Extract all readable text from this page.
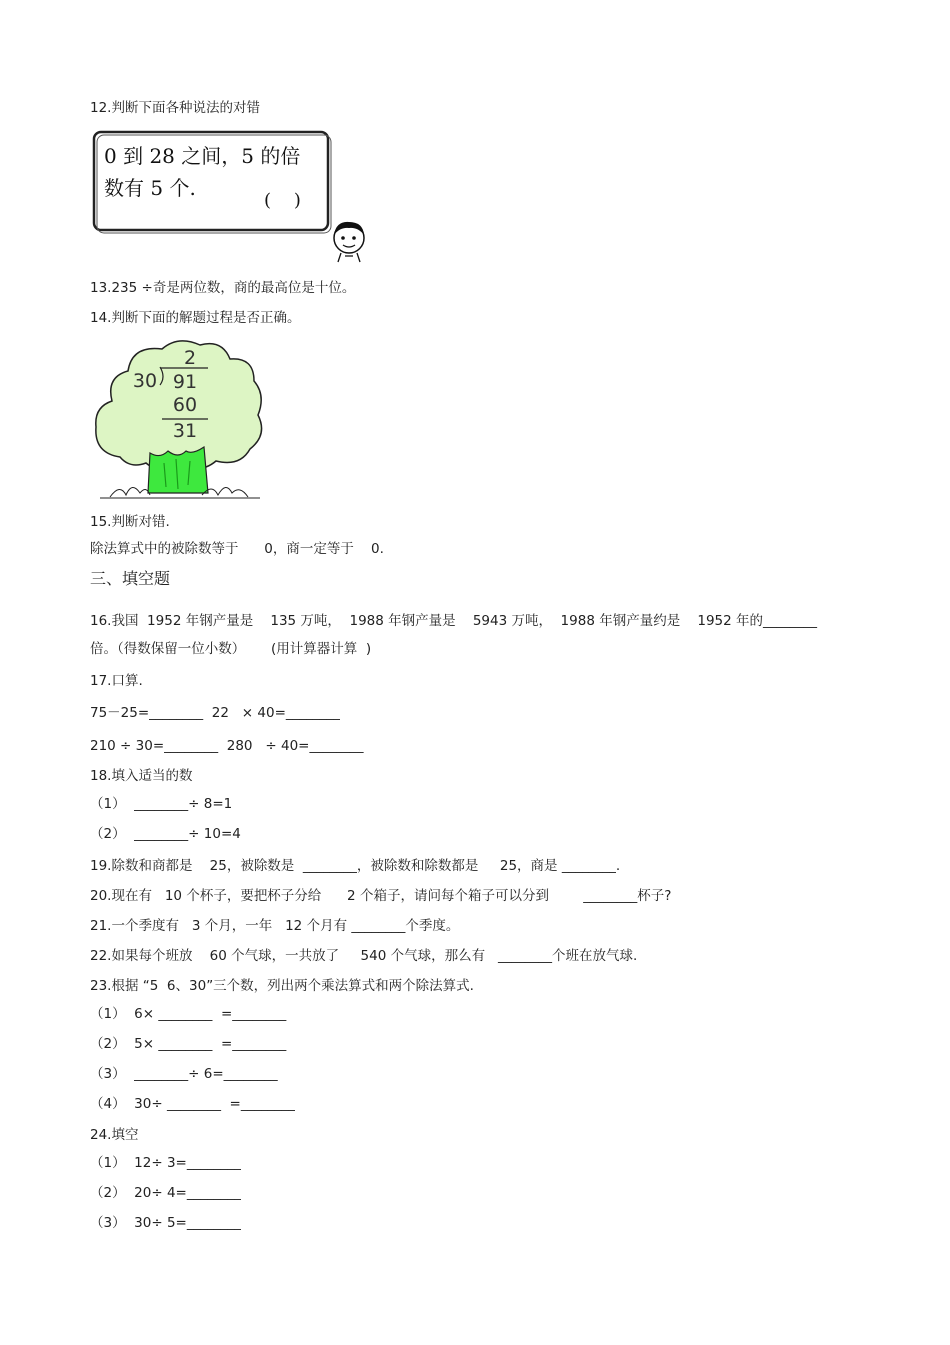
12.判断下面各种说法的对错
0 到 28 之间，5 的倍
数有 5 个.
(    )
13.235 ÷奇是两位数，商的最高位是十位。
14.判断下面的解题过程是否正确。
2
30 91
60
31
15.判断对错.
除法算式中的被除数等于      0，商一定等于    0.
三、填空题
16.我国  1952 年钢产量是    135 万吨，  1988 年钢产量是    5943 万吨，  1988 年钢产量约是    1952 年的________
倍。（得数保留一位小数）      (用计算器计算  )
17.口算.
75－25=________  22   × 40=________
210 ÷ 30=________  280   ÷ 40=________
18.填入适当的数
（1）  ________÷ 8=1
（2）  ________÷ 10=4
19.除数和商都是    25，被除数是  ________，被除数和除数都是     25，商是 ________.
20.现在有   10 个杯子，要把杯子分给      2 个箱子，请问每个箱子可以分到        ________杯子?
21.一个季度有   3 个月，一年   12 个月有 ________个季度。
22.如果每个班放    60 个气球，一共放了     540 个气球，那么有   ________个班在放气球.
23.根据 “5  6、30”三个数，列出两个乘法算式和两个除法算式.
（1）  6× ________  =________
（2）  5× ________  =________
（3）  ________÷ 6=________
（4）  30÷ ________  =________
24.填空
（1）  12÷ 3=________
（2）  20÷ 4=________
（3）  30÷ 5=________
